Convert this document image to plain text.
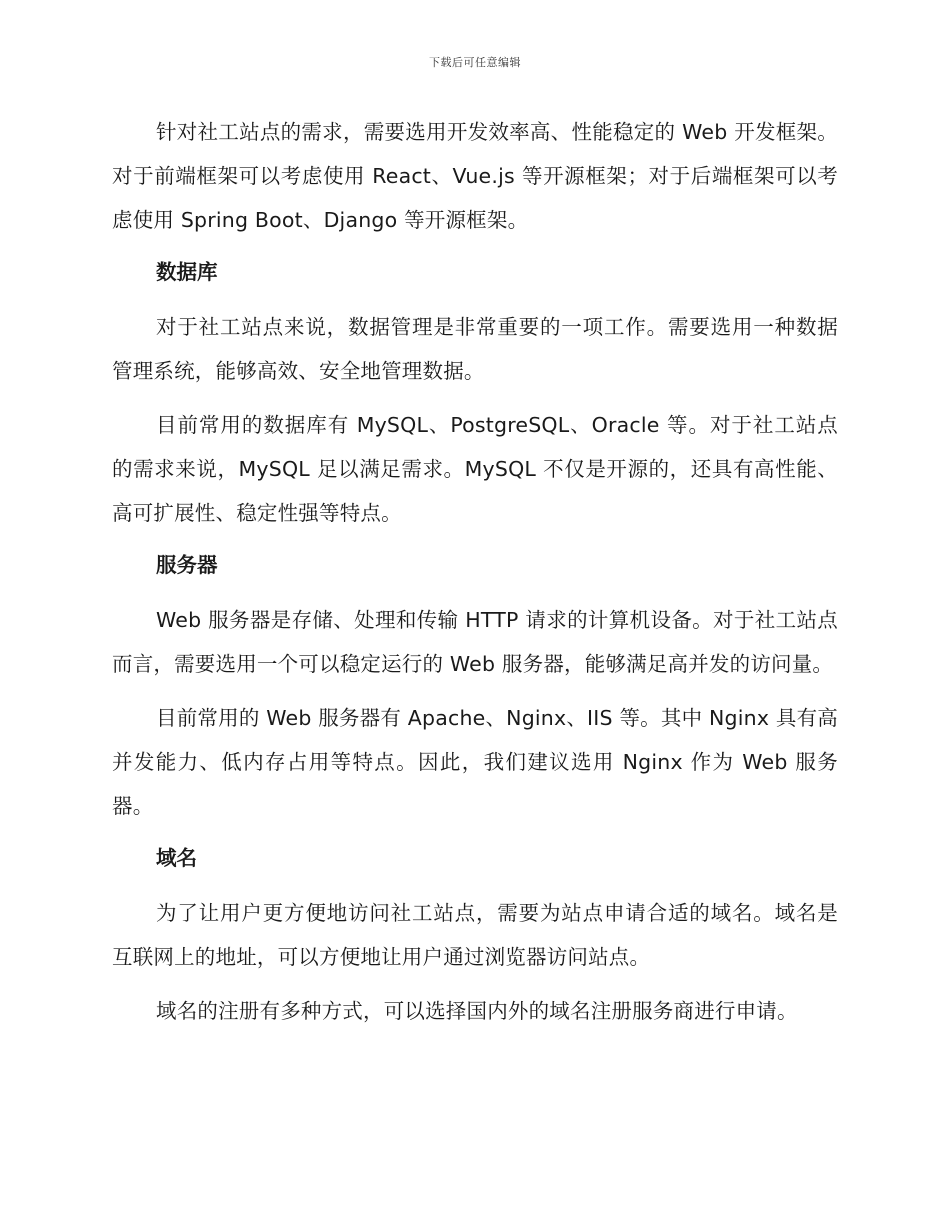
下载后可任意编辑

针对社工站点的需求，需要选用开发效率高、性能稳定的 Web 开发框架。对于前端框架可以考虑使用 React、Vue.js 等开源框架；对于后端框架可以考虑使用 Spring Boot、Django 等开源框架。

数据库

对于社工站点来说，数据管理是非常重要的一项工作。需要选用一种数据管理系统，能够高效、安全地管理数据。

目前常用的数据库有 MySQL、PostgreSQL、Oracle 等。对于社工站点的需求来说，MySQL 足以满足需求。MySQL 不仅是开源的，还具有高性能、高可扩展性、稳定性强等特点。

服务器

Web 服务器是存储、处理和传输 HTTP 请求的计算机设备。对于社工站点而言，需要选用一个可以稳定运行的 Web 服务器，能够满足高并发的访问量。

目前常用的 Web 服务器有 Apache、Nginx、IIS 等。其中 Nginx 具有高并发能力、低内存占用等特点。因此，我们建议选用 Nginx 作为 Web 服务器。

域名

为了让用户更方便地访问社工站点，需要为站点申请合适的域名。域名是互联网上的地址，可以方便地让用户通过浏览器访问站点。

域名的注册有多种方式，可以选择国内外的域名注册服务商进行申请。
